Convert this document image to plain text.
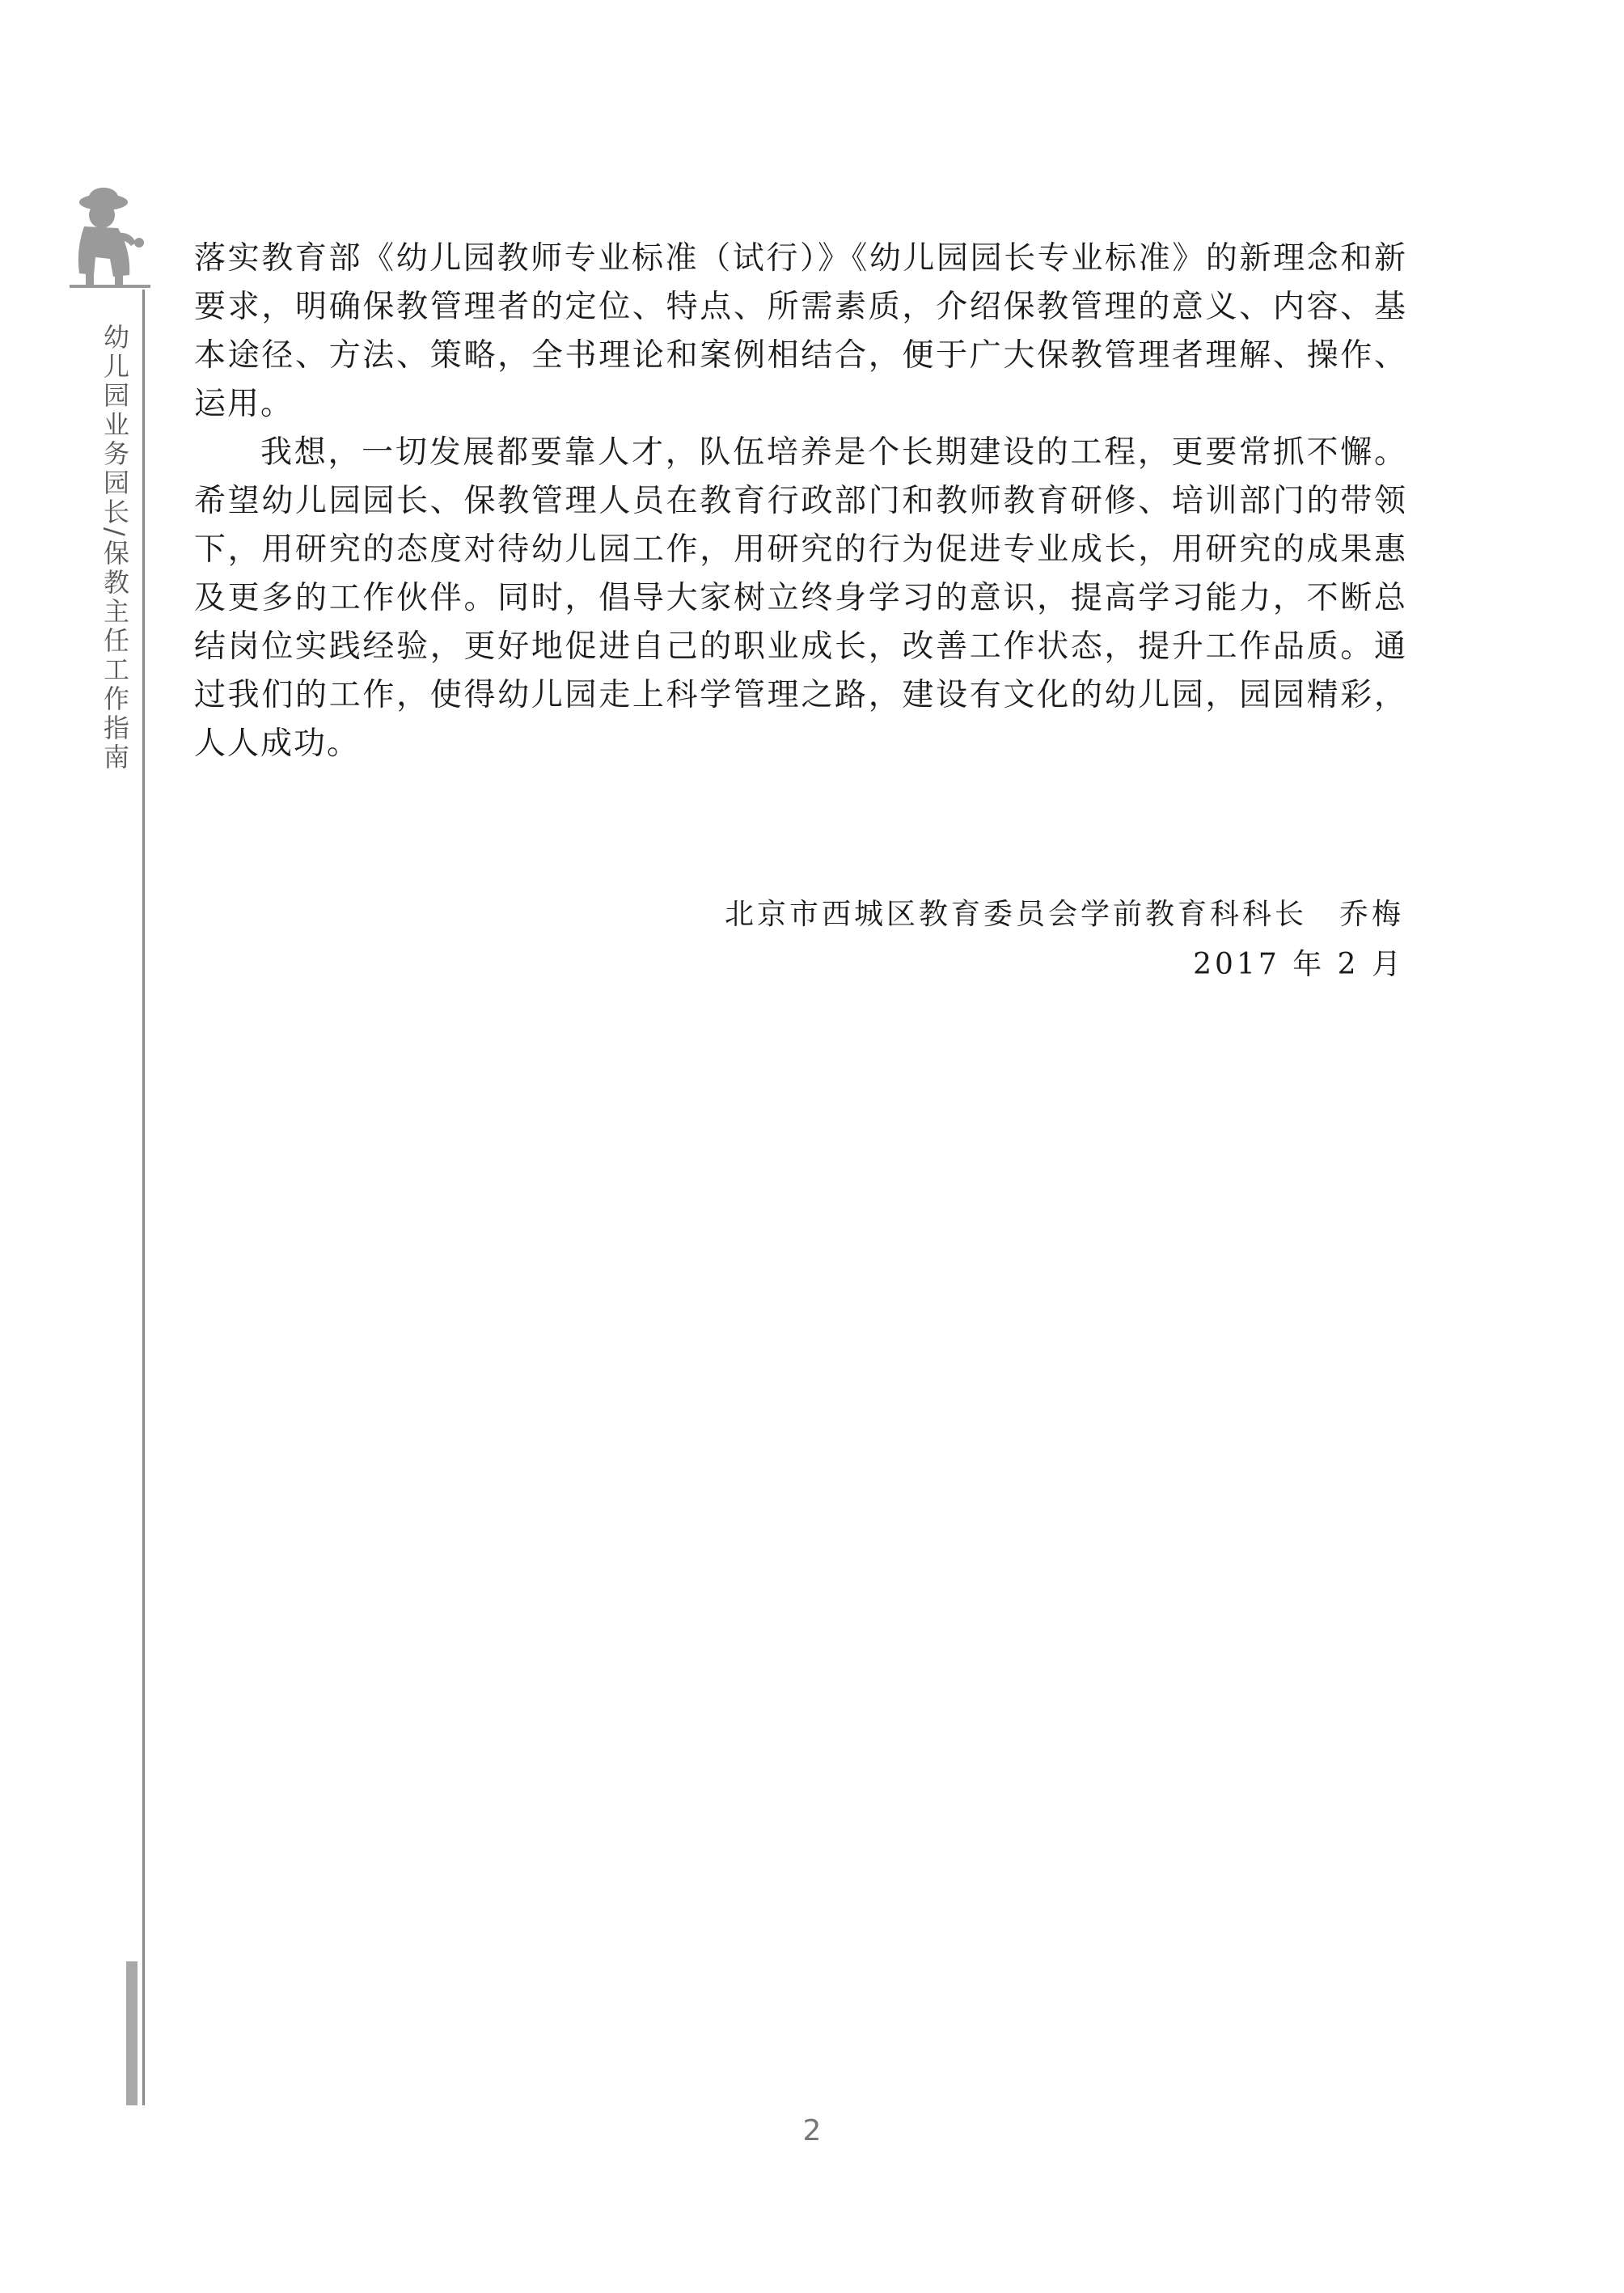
幼儿园业务园长/保教主任工作指南

落实教育部《幼儿园教师专业标准（试行）》《幼儿园园长专业标准》的新理念和新要求，明确保教管理者的定位、特点、所需素质，介绍保教管理的意义、内容、基本途径、方法、策略，全书理论和案例相结合，便于广大保教管理者理解、操作、运用。

我想，一切发展都要靠人才，队伍培养是个长期建设的工程，更要常抓不懈。希望幼儿园园长、保教管理人员在教育行政部门和教师教育研修、培训部门的带领下，用研究的态度对待幼儿园工作，用研究的行为促进专业成长，用研究的成果惠及更多的工作伙伴。同时，倡导大家树立终身学习的意识，提高学习能力，不断总结岗位实践经验，更好地促进自己的职业成长，改善工作状态，提升工作品质。通过我们的工作，使得幼儿园走上科学管理之路，建设有文化的幼儿园，园园精彩，人人成功。

北京市西城区教育委员会学前教育科科长　乔梅
2017 年 2 月
2
